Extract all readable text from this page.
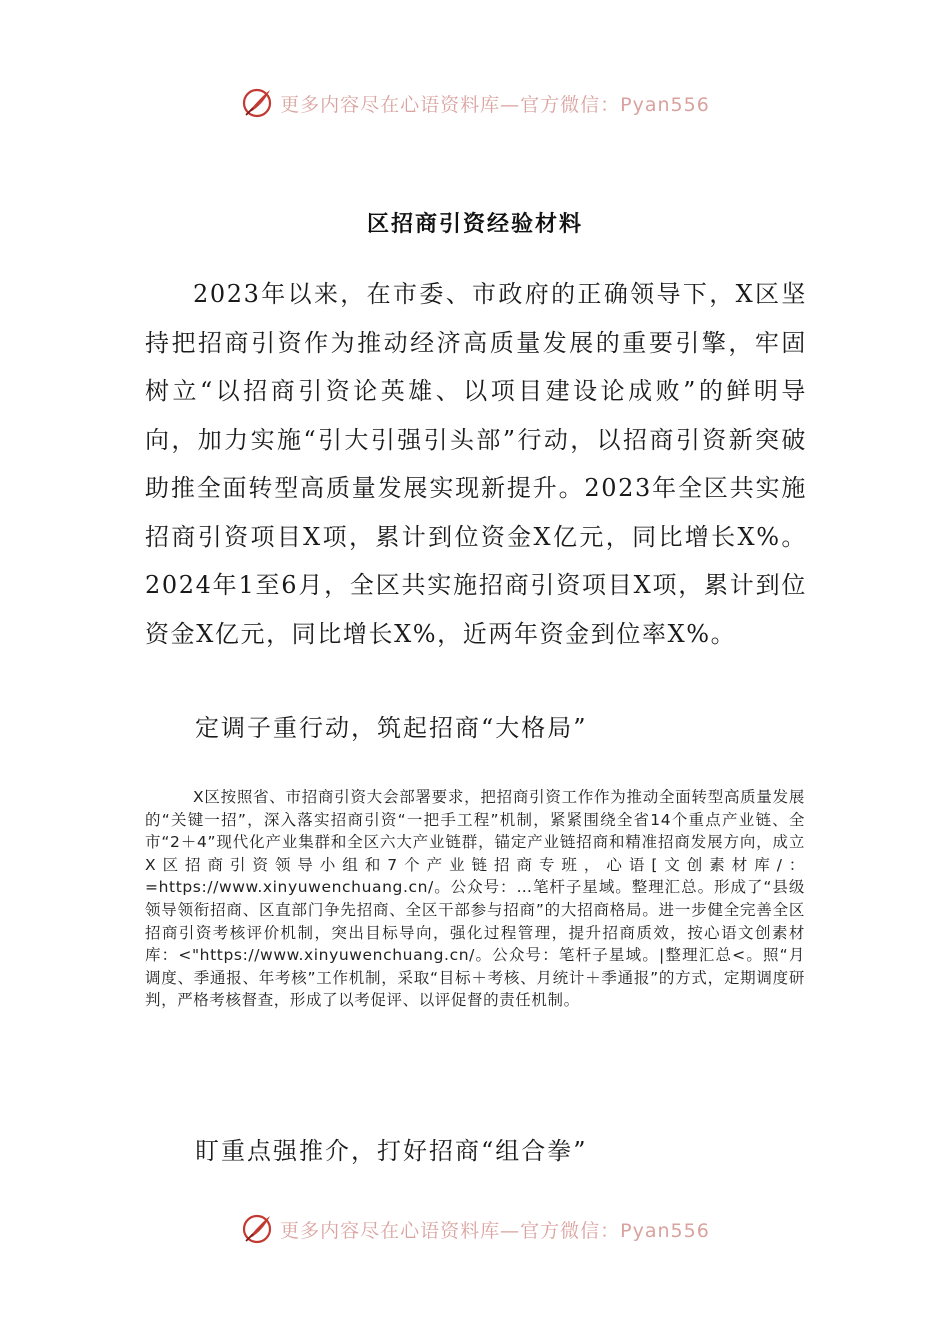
更多内容尽在心语资料库—官方微信：Pyan556
区招商引资经验材料

2023年以来，在市委、市政府的正确领导下，X区坚持把招商引资作为推动经济高质量发展的重要引擎，牢固树立“以招商引资论英雄、以项目建设论成败”的鲜明导向，加力实施“引大引强引头部”行动，以招商引资新突破助推全面转型高质量发展实现新提升。2023年全区共实施招商引资项目X项，累计到位资金X亿元，同比增长X%。2024年1至6月，全区共实施招商引资项目X项，累计到位资金X亿元，同比增长X%，近两年资金到位率X%。

定调子重行动，筑起招商“大格局”

X区按照省、市招商引资大会部署要求，把招商引资工作作为推动全面转型高质量发展的“关键一招”，深入落实招商引资“一把手工程”机制，紧紧围绕全省14个重点产业链、全市“2＋4”现代化产业集群和全区六大产业链群，锚定产业链招商和精准招商发展方向，成立X区招商引资领导小组和7个产业链招商专班，心语[文创素材库/：=https://www.xinyuwenchuang.cn/。公众号：…笔杆子星域。整理汇总。形成了“县级领导领衔招商、区直部门争先招商、全区干部参与招商”的大招商格局。进一步健全完善全区招商引资考核评价机制，突出目标导向，强化过程管理，提升招商质效，按心语文创素材库：<"https://www.xinyuwenchuang.cn/。公众号：笔杆子星域。|整理汇总<。照“月调度、季通报、年考核”工作机制，采取“目标＋考核、月统计＋季通报”的方式，定期调度研判，严格考核督查，形成了以考促评、以评促督的责任机制。

盯重点强推介，打好招商“组合拳”
更多内容尽在心语资料库—官方微信：Pyan556
